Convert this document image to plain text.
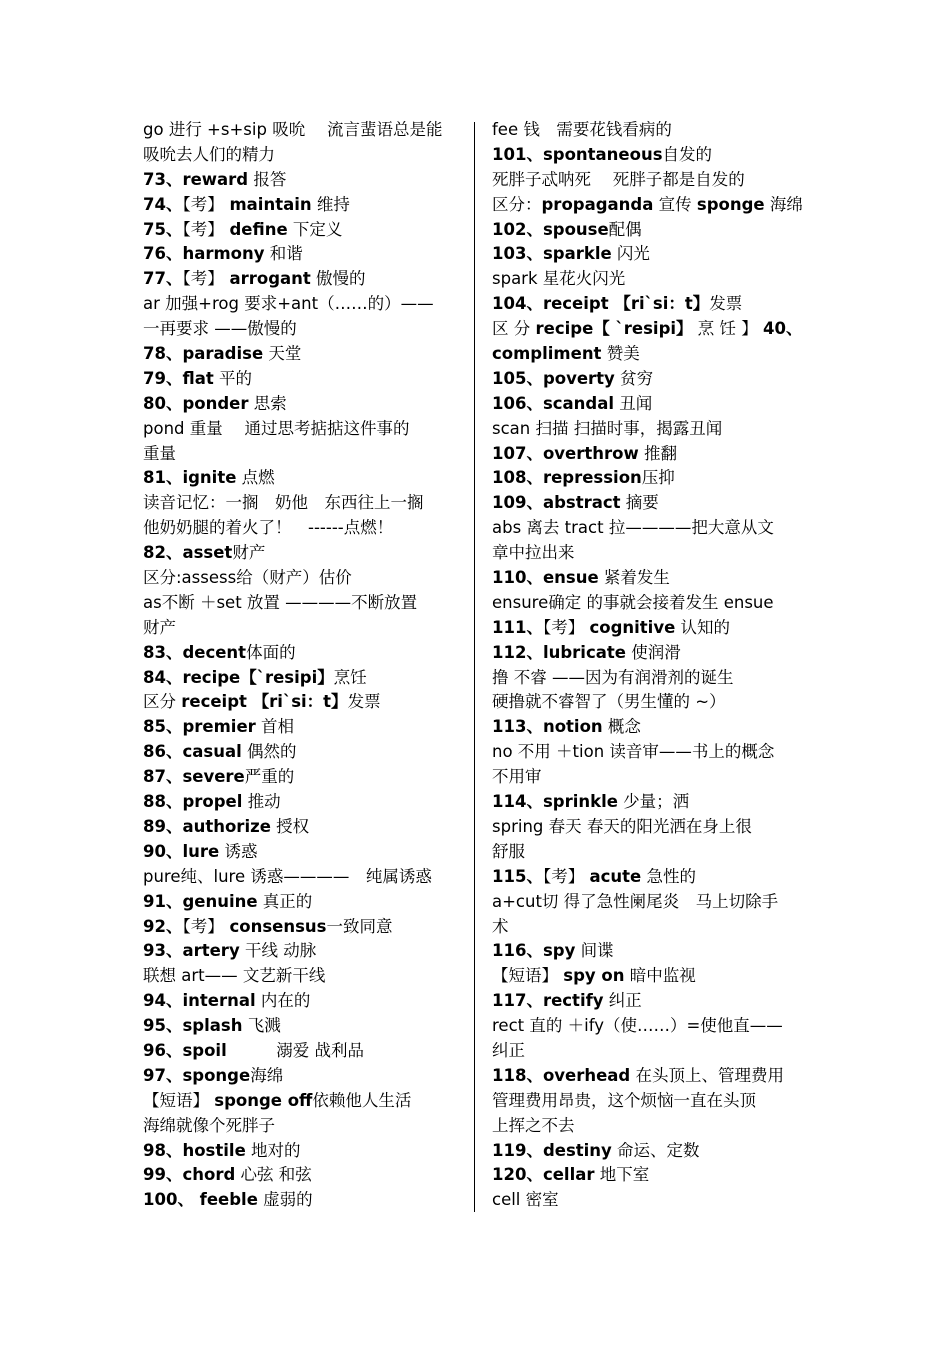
go 进行 +s+sip 吸吮　 流言蜚语总是能
吸吮去人们的精力
73、reward 报答
74、【考】 maintain 维持
75、【考】 define 下定义
76、harmony 和谐
77、【考】 arrogant 傲慢的
ar 加强+rog 要求+ant（……的）——
一再要求 ——傲慢的
78、paradise 天堂
79、flat 平的
80、ponder 思索
pond 重量　 通过思考掂掂这件事的
重量
81、ignite 点燃
读音记忆：一搁　奶他　东西往上一搁
他奶奶腿的着火了！　------点燃！
82、asset财产
区分:assess给（财产）估价
as不断 ＋set 放置 ————不断放置
财产
83、decent体面的
84、recipe【`resipi】烹饪
区分 receipt 【ri`si：t】发票
85、premier 首相
86、casual 偶然的
87、severe严重的
88、propel 推动
89、authorize 授权
90、lure 诱惑
pure纯、lure 诱惑————　纯属诱惑
91、genuine 真正的
92、【考】 consensus一致同意
93、artery 干线 动脉
联想 art—— 文艺新干线
94、internal 内在的
95、splash 飞溅
96、spoil　　　溺爱 战利品
97、sponge海绵
【短语】 sponge off依赖他人生活
海绵就像个死胖子
98、hostile 地对的
99、chord 心弦 和弦
100、 feeble 虚弱的
fee 钱　需要花钱看病的
101、spontaneous自发的
死胖子忒呐死　 死胖子都是自发的
区分：propaganda 宣传 sponge 海绵
102、spouse配偶
103、sparkle 闪光
spark 星花火闪光
104、receipt 【ri`si：t】发票
区 分 recipe【 `resipi】 烹 饪 】 40、
compliment 赞美
105、poverty 贫穷
106、scandal 丑闻
scan 扫描 扫描时事，揭露丑闻
107、overthrow 推翻
108、repression压抑
109、abstract 摘要
abs 离去 tract 拉————把大意从文
章中拉出来
110、ensue 紧着发生
ensure确定 的事就会接着发生 ensue
111、【考】 cognitive 认知的
112、lubricate 使润滑
撸 不睿 ——因为有润滑剂的诞生
硬撸就不睿智了（男生懂的 ~）
113、notion 概念
no 不用 ＋tion 读音审——书上的概念
不用审
114、sprinkle 少量；洒
spring 春天 春天的阳光洒在身上很
舒服
115、【考】 acute 急性的
a+cut切 得了急性阑尾炎　马上切除手
术
116、spy 间谍
【短语】 spy on 暗中监视
117、rectify 纠正
rect 直的 ＋ify（使……）=使他直——
纠正
118、overhead 在头顶上、管理费用
管理费用昂贵，这个烦恼一直在头顶
上挥之不去
119、destiny 命运、定数
120、cellar 地下室
cell 密室
